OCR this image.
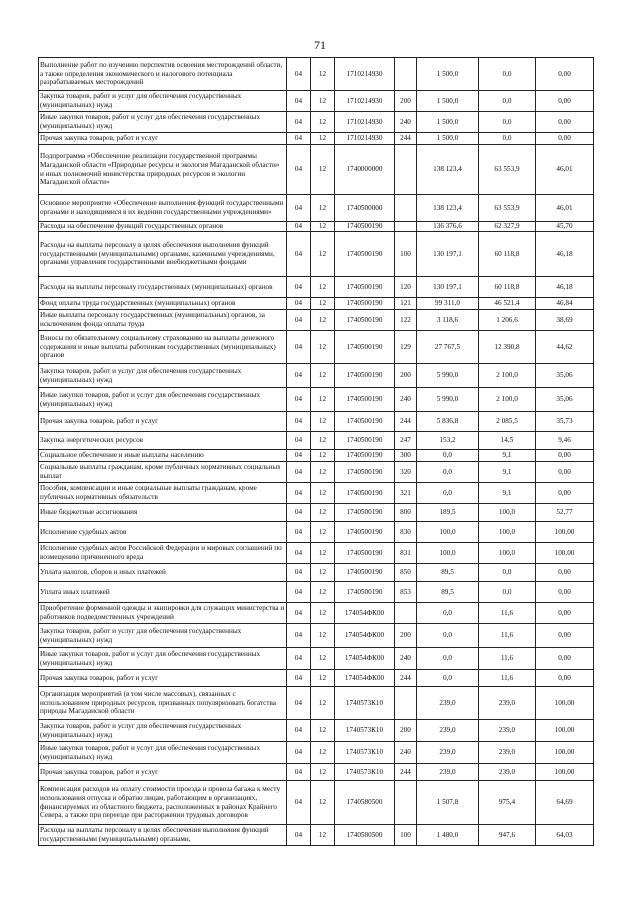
71
Выполнение работ по изучению перспектив освоения месторождений области, а также определения экономического и налогового потенциала разрабатываемых месторождений	04	12	1710214930		1 500,0	0,0	0,00
Закупка товаров, работ и услуг для обеспечения государственных (муниципальных) нужд	04	12	1710214930	200	1 500,0	0,0	0,00
Иные закупки товаров, работ и услуг для обеспечения государственных (муниципальных) нужд	04	12	1710214930	240	1 500,0	0,0	0,00
Прочая закупка товаров, работ и услуг	04	12	1710214930	244	1 500,0	0,0	0,00
Подпрограмма «Обеспечение реализации государственной программы Магаданской области «Природные ресурсы и экология Магаданской области» и иных полномочий министерства природных ресурсов и экологии Магаданской области»	04	12	1740000000		138 123,4	63 553,9	46,01
Основное мероприятие «Обеспечение выполнения функций государственными органами и находящимися в их ведении государственными учреждениями»	04	12	1740500000		138 123,4	63 553,9	46,01
Расходы на обеспечение функций государственных органов	04	12	1740500190		136 376,6	62 327,9	45,70
Расходы на выплаты персоналу в целях обеспечения выполнения функций государственными (муниципальными) органами, казенными учреждениями, органами управления государственными внебюджетными фондами	04	12	1740500190	100	130 197,1	60 118,8	46,18
Расходы на выплаты персоналу государственных (муниципальных) органов	04	12	1740500190	120	130 197,1	60 118,8	46,18
Фонд оплаты труда государственных (муниципальных) органов	04	12	1740500190	121	99 311,0	46 521,4	46,84
Иные выплаты персоналу государственных (муниципальных) органов, за исключением фонда оплаты труда	04	12	1740500190	122	3 118,6	1 206,6	38,69
Взносы по обязательному социальному страхованию на выплаты денежного содержания и иные выплаты работникам государственных (муниципальных) органов	04	12	1740500190	129	27 767,5	12 390,8	44,62
Закупка товаров, работ и услуг для обеспечения государственных (муниципальных) нужд	04	12	1740500190	200	5 990,0	2 100,0	35,06
Иные закупки товаров, работ и услуг для обеспечения государственных (муниципальных) нужд	04	12	1740500190	240	5 990,0	2 100,0	35,06
Прочая закупка товаров, работ и услуг	04	12	1740500190	244	5 836,8	2 085,5	35,73
Закупка энергетических ресурсов	04	12	1740500190	247	153,2	14,5	9,46
Социальное обеспечение и иные выплаты населению	04	12	1740500190	300	0,0	9,1	0,00
Социальные выплаты гражданам, кроме публичных нормативных социальных выплат	04	12	1740500190	320	0,0	9,1	0,00
Пособия, компенсации и иные социальные выплаты гражданам, кроме публичных нормативных обязательств	04	12	1740500190	321	0,0	9,1	0,00
Иные бюджетные ассигнования	04	12	1740500190	800	189,5	100,0	52,77
Исполнение судебных актов	04	12	1740500190	830	100,0	100,0	100,00
Исполнение судебных актов Российской Федерации и мировых соглашений по возмещению причиненного вреда	04	12	1740500190	831	100,0	100,0	100,00
Уплата налогов, сборов и иных платежей	04	12	1740500190	850	89,5	0,0	0,00
Уплата иных платежей	04	12	1740500190	853	89,5	0,0	0,00
Приобретение форменной одежды и экипировки для служащих министерства и работников подведомственных учреждений	04	12	174054ФК00		0,0	11,6	0,00
Закупка товаров, работ и услуг для обеспечения государственных (муниципальных) нужд	04	12	174054ФК00	200	0,0	11,6	0,00
Иные закупки товаров, работ и услуг для обеспечения государственных (муниципальных) нужд	04	12	174054ФК00	240	0,0	11,6	0,00
Прочая закупка товаров, работ и услуг	04	12	174054ФК00	244	0,0	11,6	0,00
Организация мероприятий (в том числе массовых), связанных с использованием природных ресурсов, призванных популяризовать богатства природы Магаданской области	04	12	1740573К10		239,0	239,0	100,00
Закупка товаров, работ и услуг для обеспечения государственных (муниципальных) нужд	04	12	1740573К10	200	239,0	239,0	100,00
Иные закупки товаров, работ и услуг для обеспечения государственных (муниципальных) нужд	04	12	1740573К10	240	239,0	239,0	100,00
Прочая закупка товаров, работ и услуг	04	12	1740573К10	244	239,0	239,0	100,00
Компенсация расходов на оплату стоимости проезда и провоза багажа к месту использования отпуска и обратно лицам, работающим в организациях, финансируемых из областного бюджета, расположенных в районах Крайнего Севера, а также при переезде при расторжении трудовых договоров	04	12	1740580500		1 507,8	975,4	64,69
Расходы на выплаты персоналу в целях обеспечения выполнения функций государственными (муниципальными) органами,	04	12	1740580500	100	1 480,0	947,6	64,03
